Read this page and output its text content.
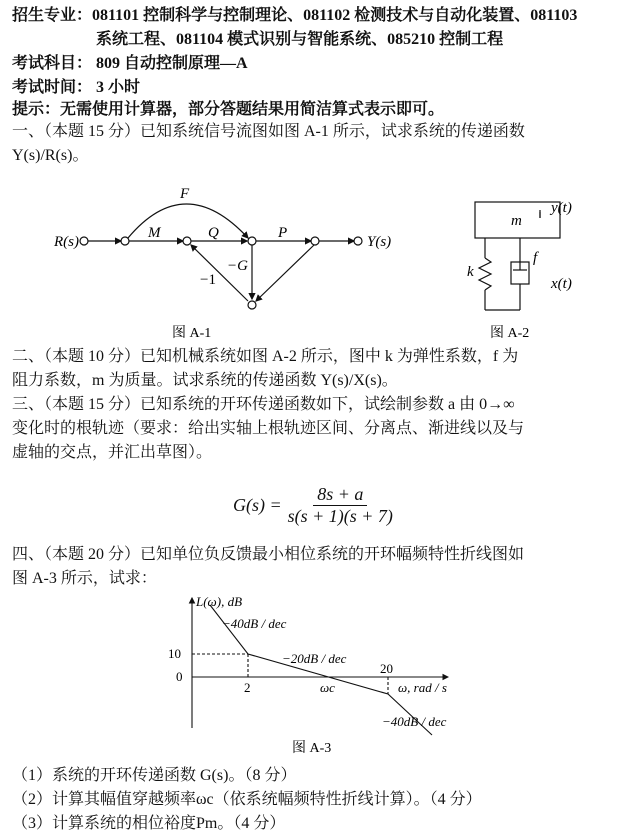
招生专业：081101 控制科学与控制理论、081102 检测技术与自动化装置、081103
系统工程、081104 模式识别与智能系统、085210 控制工程
考试科目： 809 自动控制原理—A
考试时间： 3 小时
提示：无需使用计算器，部分答题结果用简洁算式表示即可。
一、（本题 15 分）已知系统信号流图如图 A-1 所示，试求系统的传递函数
Y(s)/R(s)。
R(s)	Y(s)
F
M	Q	P
−G
−1
图 A-1
m
k
f
y(t)
x(t)
图 A-2
二、（本题 10 分）已知机械系统如图 A-2 所示，图中 k 为弹性系数，f 为
阻力系数，m 为质量。试求系统的传递函数 Y(s)/X(s)。
三、（本题 15 分）已知系统的开环传递函数如下，试绘制参数 a 由 0→∞
变化时的根轨迹（要求：给出实轴上根轨迹区间、分离点、渐进线以及与
虚轴的交点，并汇出草图）。
$G(s) = \frac{8s + a}{s(s + 1)(s + 7)}$
四、（本题 20 分）已知单位负反馈最小相位系统的开环幅频特性折线图如
图 A-3 所示，试求：
L(ω), dB
10
0
2
20
ωc	ω, rad / s
−40dB / dec
−20dB / dec
−40dB / dec
图 A-3
（1）系统的开环传递函数 G(s)。（8 分）
（2）计算其幅值穿越频率ωc（依系统幅频特性折线计算）。（4 分）
（3）计算系统的相位裕度Pm。（4 分）
